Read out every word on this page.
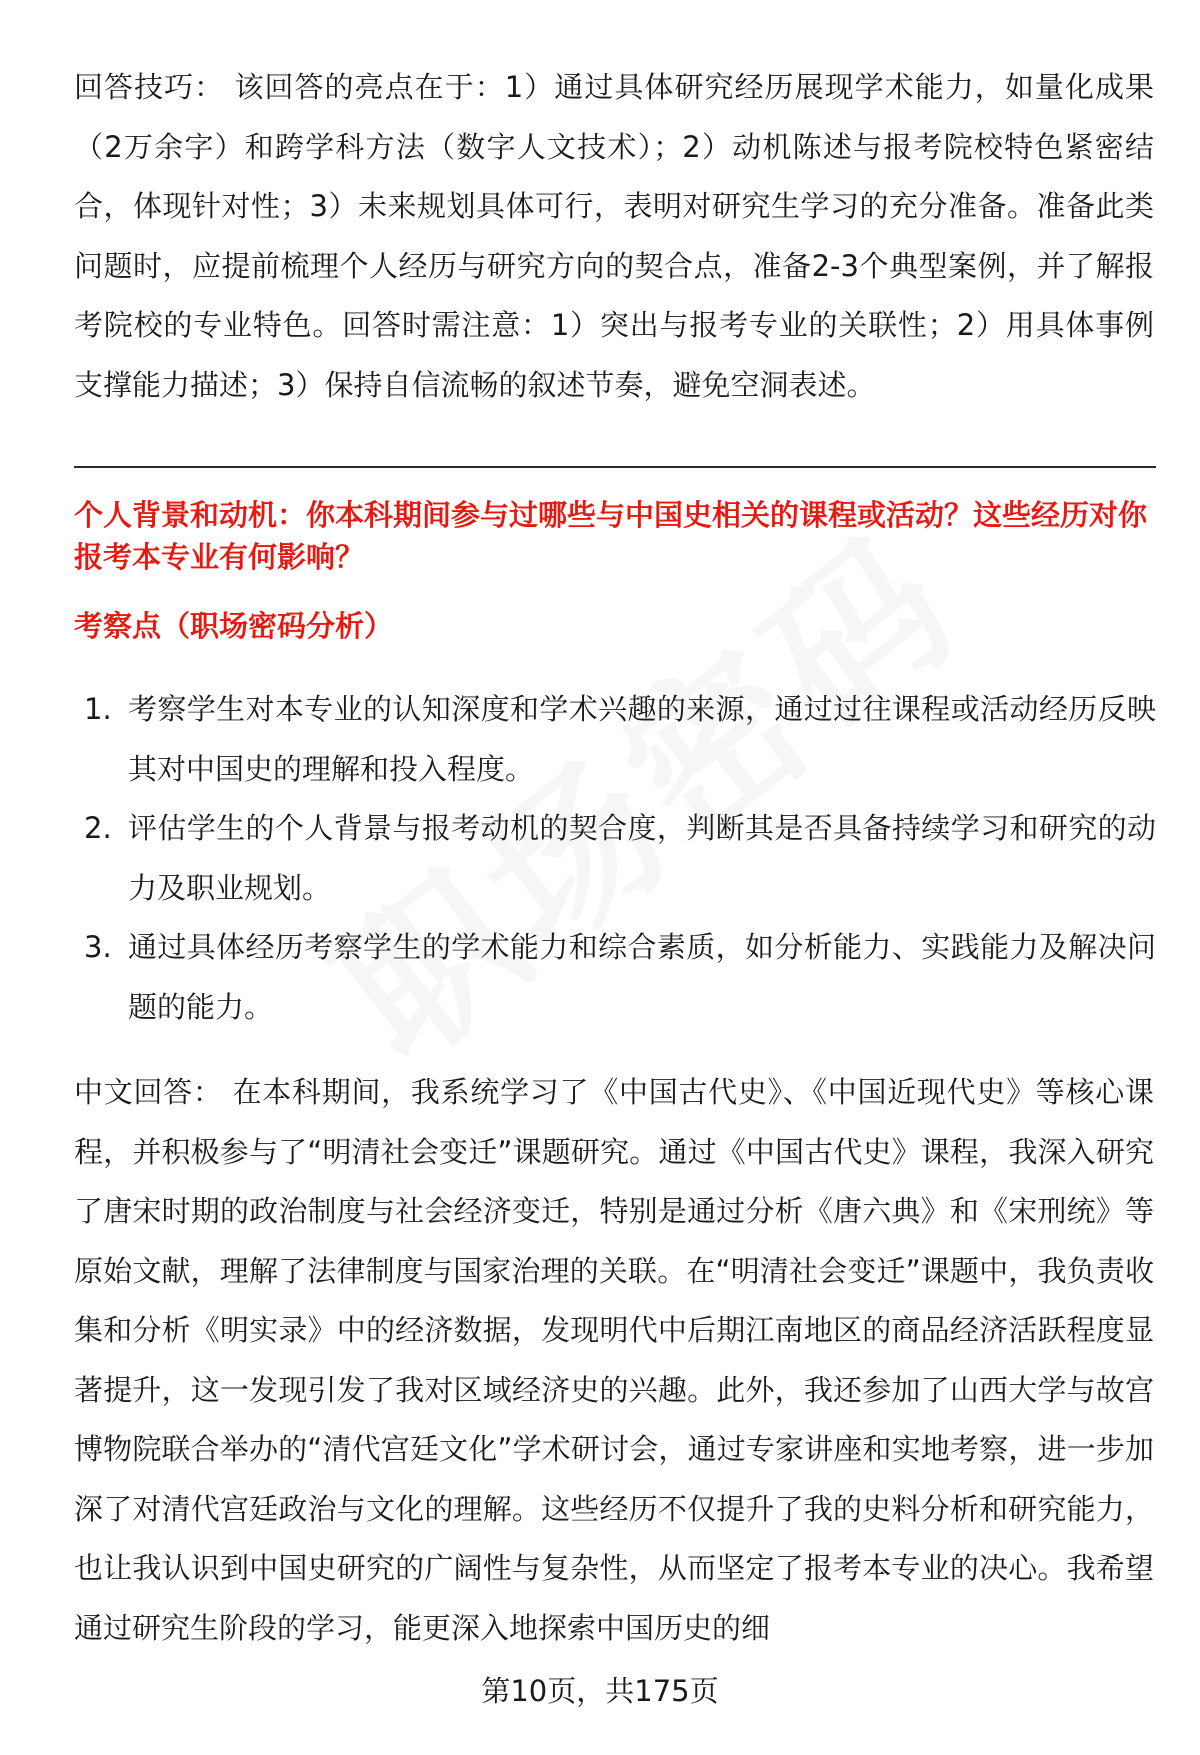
回答技巧： 该回答的亮点在于：1）通过具体研究经历展现学术能力，如量化成果（2万余字）和跨学科方法（数字人文技术）；2）动机陈述与报考院校特色紧密结合，体现针对性；3）未来规划具体可行，表明对研究生学习的充分准备。准备此类问题时，应提前梳理个人经历与研究方向的契合点，准备2-3个典型案例，并了解报考院校的专业特色。回答时需注意：1）突出与报考专业的关联性；2）用具体事例支撑能力描述；3）保持自信流畅的叙述节奏，避免空洞表述。
个人背景和动机：你本科期间参与过哪些与中国史相关的课程或活动？这些经历对你报考本专业有何影响？
考察点（职场密码分析）
1. 考察学生对本专业的认知深度和学术兴趣的来源，通过过往课程或活动经历反映其对中国史的理解和投入程度。
2. 评估学生的个人背景与报考动机的契合度，判断其是否具备持续学习和研究的动力及职业规划。
3. 通过具体经历考察学生的学术能力和综合素质，如分析能力、实践能力及解决问题的能力。
中文回答： 在本科期间，我系统学习了《中国古代史》、《中国近现代史》等核心课程，并积极参与了“明清社会变迁”课题研究。通过《中国古代史》课程，我深入研究了唐宋时期的政治制度与社会经济变迁，特别是通过分析《唐六典》和《宋刑统》等原始文献，理解了法律制度与国家治理的关联。在“明清社会变迁”课题中，我负责收集和分析《明实录》中的经济数据，发现明代中后期江南地区的商品经济活跃程度显著提升，这一发现引发了我对区域经济史的兴趣。此外，我还参加了山西大学与故宫博物院联合举办的“清代宫廷文化”学术研讨会，通过专家讲座和实地考察，进一步加深了对清代宫廷政治与文化的理解。这些经历不仅提升了我的史料分析和研究能力，也让我认识到中国史研究的广阔性与复杂性，从而坚定了报考本专业的决心。我希望通过研究生阶段的学习，能更深入地探索中国历史的细
第10页，共175页
